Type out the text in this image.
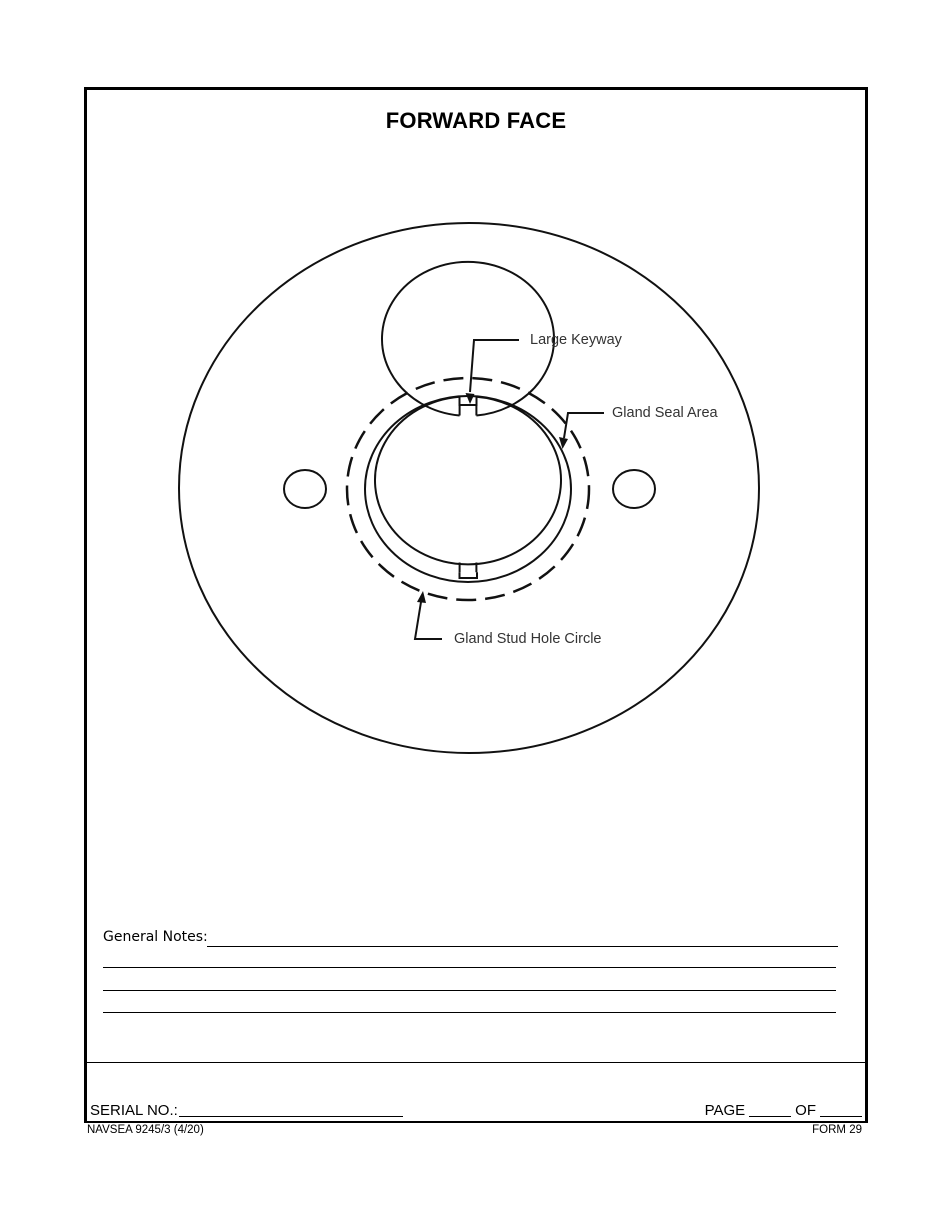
FORWARD FACE
Large Keyway
Gland Seal Area
Gland Stud Hole Circle
General Notes:
SERIAL NO.:	PAGE	OF
NAVSEA 9245/3 (4/20)	FORM 29
